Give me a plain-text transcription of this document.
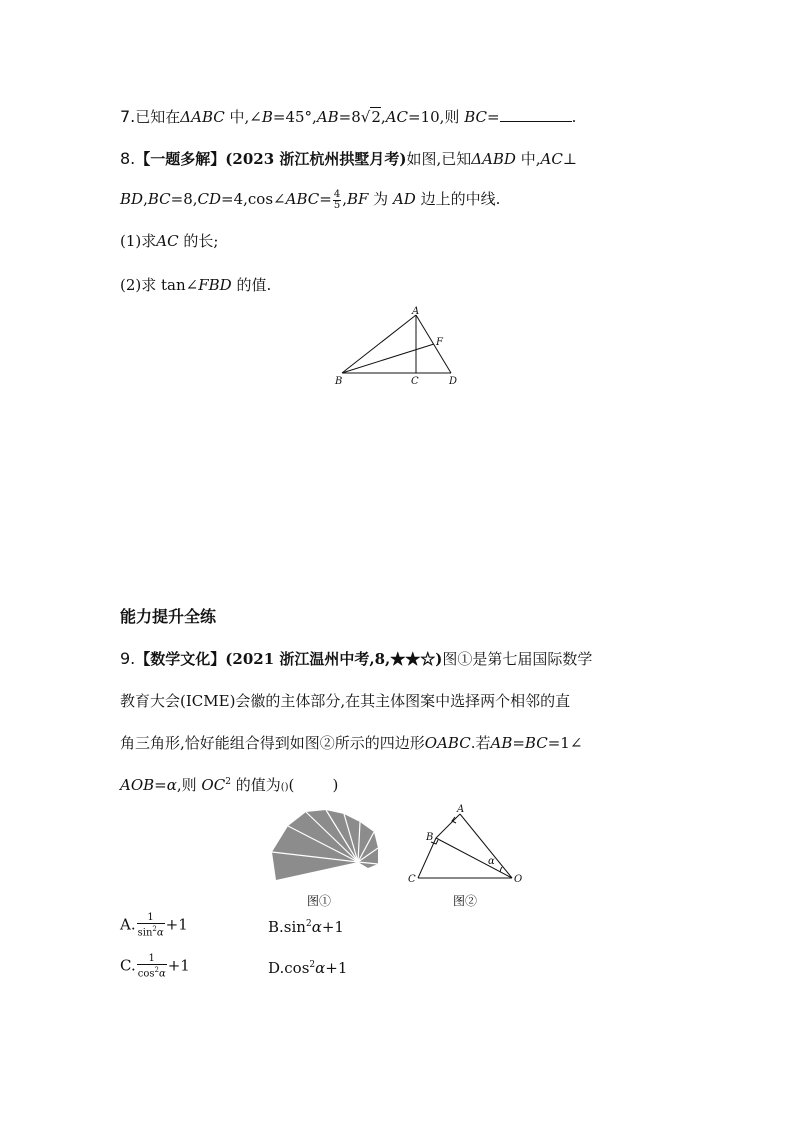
7.已知在ΔABC 中,∠B=45°,AB=8√2,AC=10,则 BC=	.
8.【一题多解】(2023 浙江杭州拱墅月考)如图,已知ΔABD 中,AC⊥
BD,BC=8,CD=4,cos∠ABC= $\frac{4}{5} ,BF$ 为 AD 边上的中线.
(1)求AC 的长;
(2)求 tan∠FBD 的值.
A
B	C	D
F
能力提升全练
9.【数学文化】(2021 浙江温州中考,8,★★☆)图①是第七届国际数学
教育大会(ICME)会徽的主体部分,在其主体图案中选择两个相邻的直
角三角形,恰好能组合得到如图②所示的四边形OABC.若AB=BC=1∠
AOB=α,则 $OC^2$ 的值为()(        )
图①
A
B
C	O
α
图②
A. $\frac{1}{\sin^2\alpha} +1$	$B.\sin^2\alpha+1$
C. $\frac{1}{\cos^2\alpha} +1$	$D.\cos^2\alpha+1$
